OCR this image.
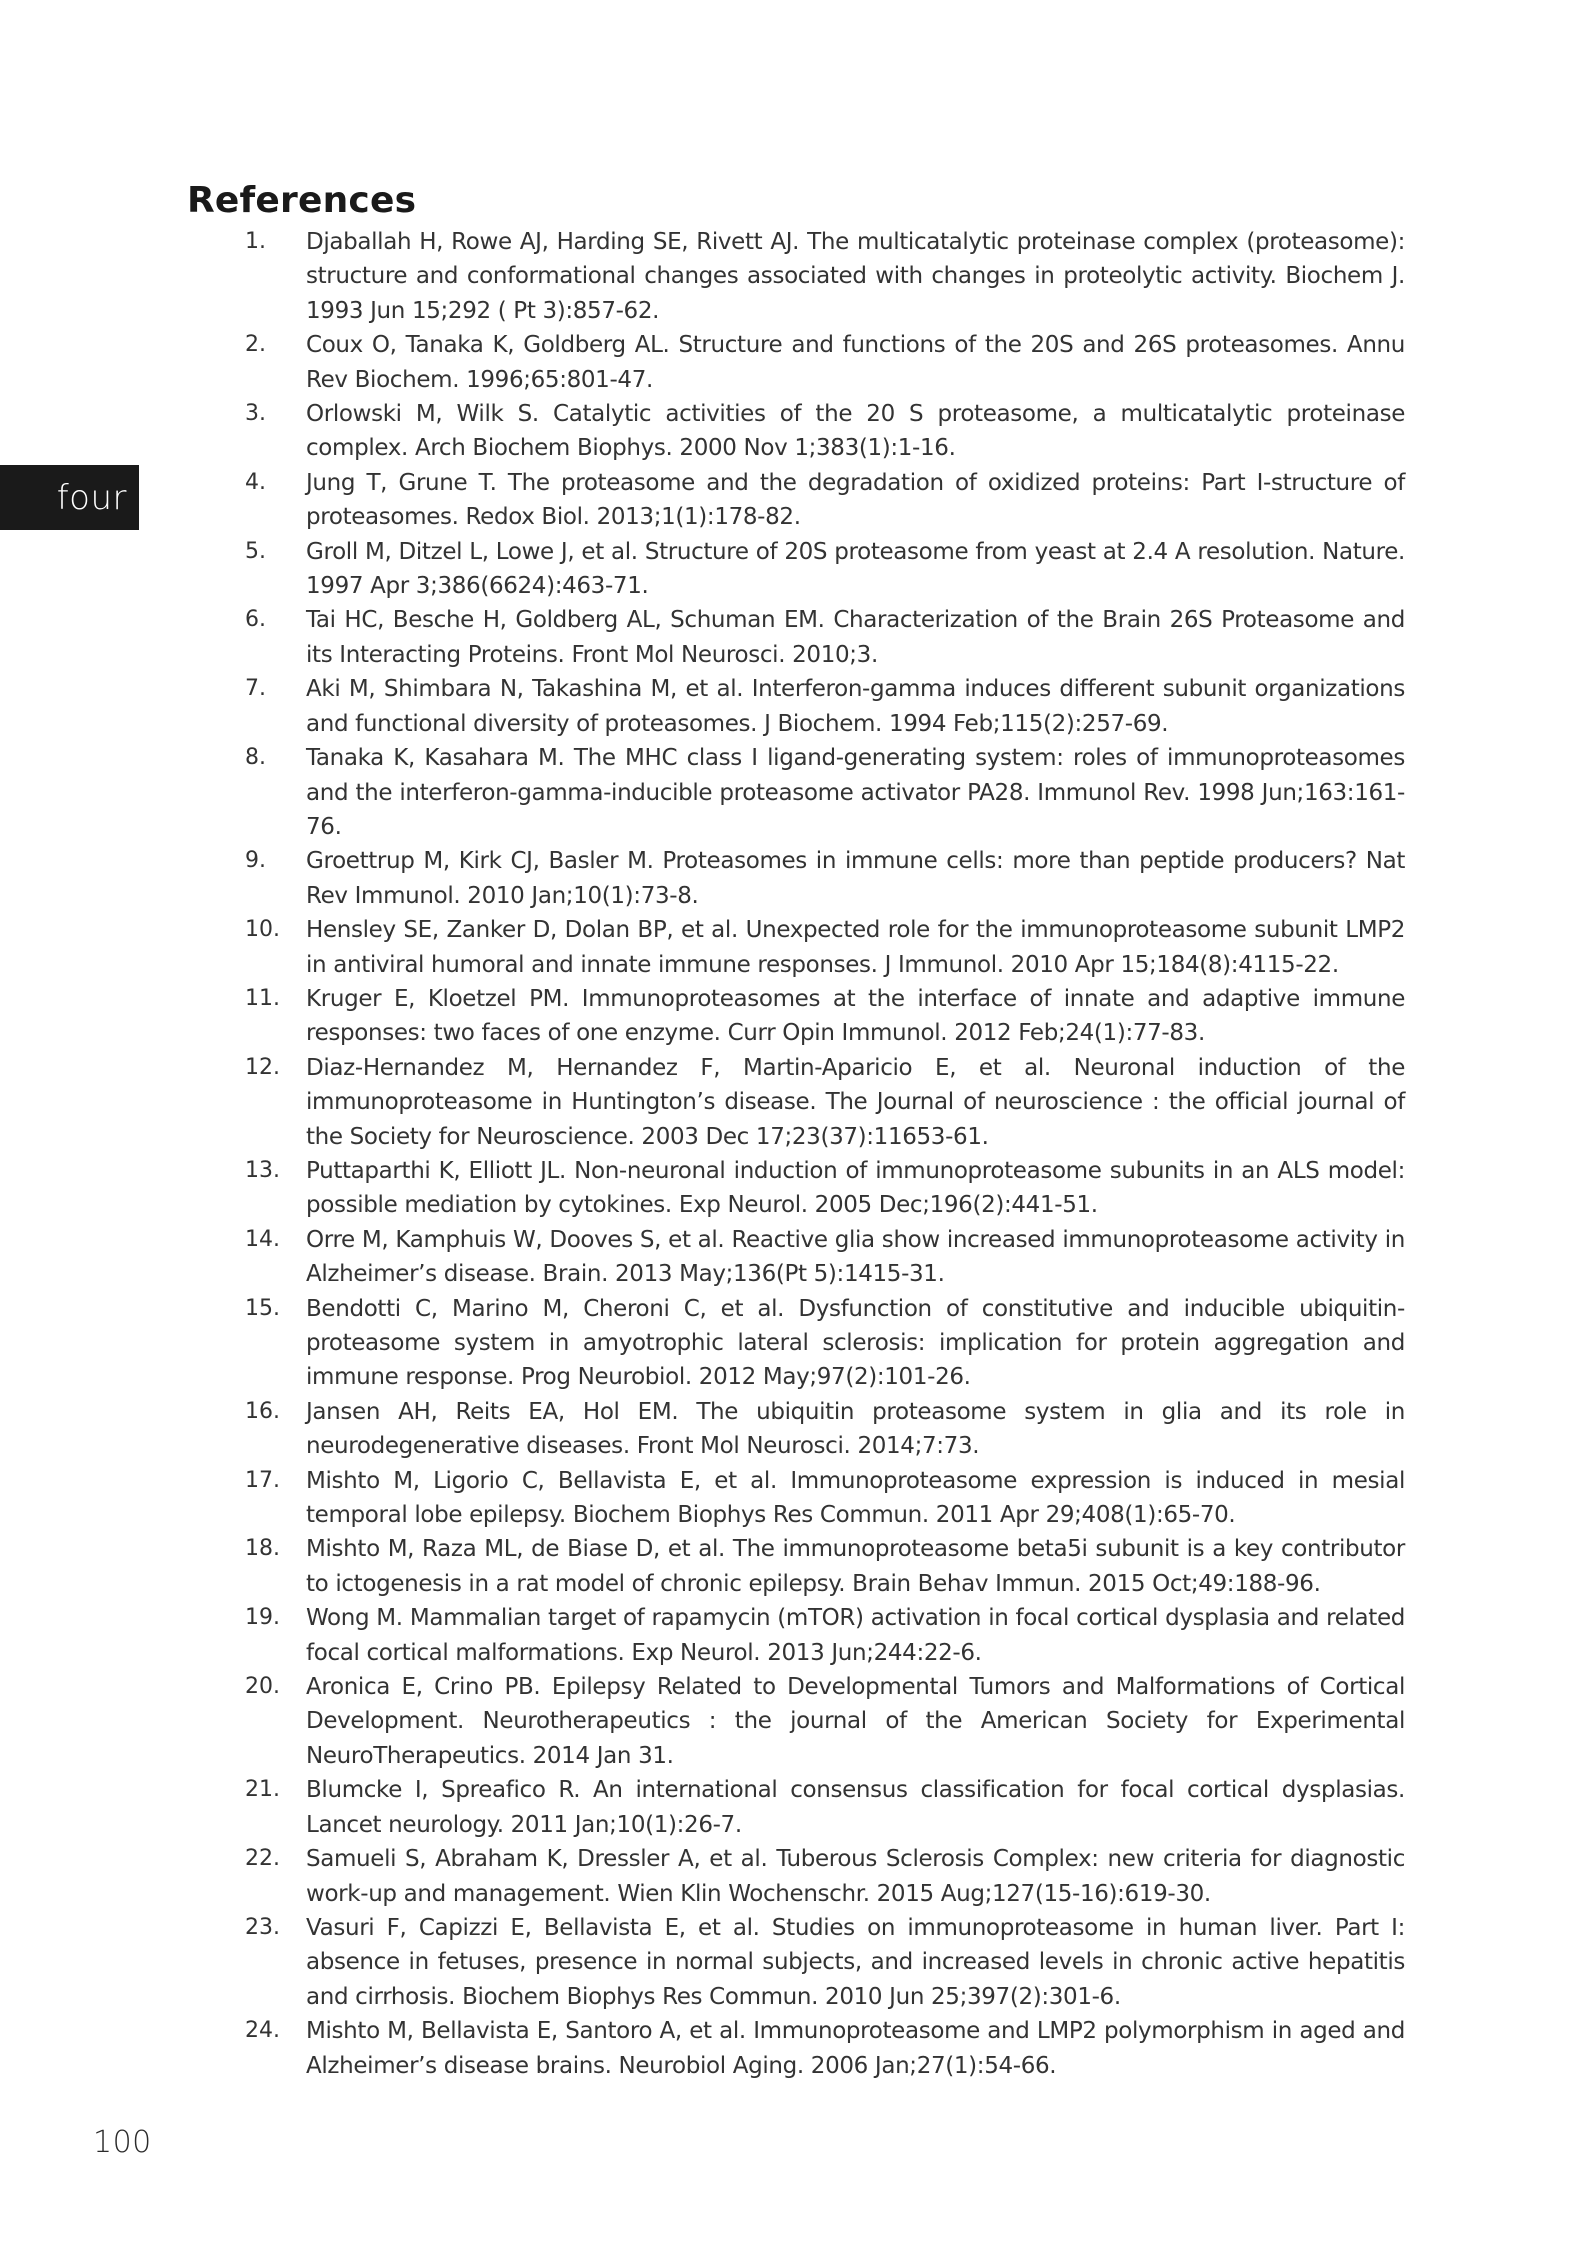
four
References
1.	Djaballah H, Rowe AJ, Harding SE, Rivett AJ. The multicatalytic proteinase complex (proteasome): structure and conformational changes associated with changes in proteolytic activity. Biochem J. 1993 Jun 15;292 ( Pt 3):857-62.
2.	Coux O, Tanaka K, Goldberg AL. Structure and functions of the 20S and 26S proteasomes. Annu Rev Biochem. 1996;65:801-47.
3.	Orlowski M, Wilk S. Catalytic activities of the 20 S proteasome, a multicatalytic proteinase complex. Arch Biochem Biophys. 2000 Nov 1;383(1):1-16.
4.	Jung T, Grune T. The proteasome and the degradation of oxidized proteins: Part I-structure of proteasomes. Redox Biol. 2013;1(1):178-82.
5.	Groll M, Ditzel L, Lowe J, et al. Structure of 20S proteasome from yeast at 2.4 A resolution. Nature. 1997 Apr 3;386(6624):463-71.
6.	Tai HC, Besche H, Goldberg AL, Schuman EM. Characterization of the Brain 26S Proteasome and its Interacting Proteins. Front Mol Neurosci. 2010;3.
7.	Aki M, Shimbara N, Takashina M, et al. Interferon-gamma induces different subunit organizations and functional diversity of proteasomes. J Biochem. 1994 Feb;115(2):257-69.
8.	Tanaka K, Kasahara M. The MHC class I ligand-generating system: roles of immunoproteasomes and the interferon-gamma-inducible proteasome activator PA28. Immunol Rev. 1998 Jun;163:161-76.
9.	Groettrup M, Kirk CJ, Basler M. Proteasomes in immune cells: more than peptide producers? Nat Rev Immunol. 2010 Jan;10(1):73-8.
10.	Hensley SE, Zanker D, Dolan BP, et al. Unexpected role for the immunoproteasome subunit LMP2 in antiviral humoral and innate immune responses. J Immunol. 2010 Apr 15;184(8):4115-22.
11.	Kruger E, Kloetzel PM. Immunoproteasomes at the interface of innate and adaptive immune responses: two faces of one enzyme. Curr Opin Immunol. 2012 Feb;24(1):77-83.
12.	Diaz-Hernandez M, Hernandez F, Martin-Aparicio E, et al. Neuronal induction of the immunoproteasome in Huntington’s disease. The Journal of neuroscience : the official journal of the Society for Neuroscience. 2003 Dec 17;23(37):11653-61.
13.	Puttaparthi K, Elliott JL. Non-neuronal induction of immunoproteasome subunits in an ALS model: possible mediation by cytokines. Exp Neurol. 2005 Dec;196(2):441-51.
14.	Orre M, Kamphuis W, Dooves S, et al. Reactive glia show increased immunoproteasome activity in Alzheimer’s disease. Brain. 2013 May;136(Pt 5):1415-31.
15.	Bendotti C, Marino M, Cheroni C, et al. Dysfunction of constitutive and inducible ubiquitin-proteasome system in amyotrophic lateral sclerosis: implication for protein aggregation and immune response. Prog Neurobiol. 2012 May;97(2):101-26.
16.	Jansen AH, Reits EA, Hol EM. The ubiquitin proteasome system in glia and its role in neurodegenerative diseases. Front Mol Neurosci. 2014;7:73.
17.	Mishto M, Ligorio C, Bellavista E, et al. Immunoproteasome expression is induced in mesial temporal lobe epilepsy. Biochem Biophys Res Commun. 2011 Apr 29;408(1):65-70.
18.	Mishto M, Raza ML, de Biase D, et al. The immunoproteasome beta5i subunit is a key contributor to ictogenesis in a rat model of chronic epilepsy. Brain Behav Immun. 2015 Oct;49:188-96.
19.	Wong M. Mammalian target of rapamycin (mTOR) activation in focal cortical dysplasia and related focal cortical malformations. Exp Neurol. 2013 Jun;244:22-6.
20.	Aronica E, Crino PB. Epilepsy Related to Developmental Tumors and Malformations of Cortical Development. Neurotherapeutics : the journal of the American Society for Experimental NeuroTherapeutics. 2014 Jan 31.
21.	Blumcke I, Spreafico R. An international consensus classification for focal cortical dysplasias. Lancet neurology. 2011 Jan;10(1):26-7.
22.	Samueli S, Abraham K, Dressler A, et al. Tuberous Sclerosis Complex: new criteria for diagnostic work-up and management. Wien Klin Wochenschr. 2015 Aug;127(15-16):619-30.
23.	Vasuri F, Capizzi E, Bellavista E, et al. Studies on immunoproteasome in human liver. Part I: absence in fetuses, presence in normal subjects, and increased levels in chronic active hepatitis and cirrhosis. Biochem Biophys Res Commun. 2010 Jun 25;397(2):301-6.
24.	Mishto M, Bellavista E, Santoro A, et al. Immunoproteasome and LMP2 polymorphism in aged and Alzheimer’s disease brains. Neurobiol Aging. 2006 Jan;27(1):54-66.
100
